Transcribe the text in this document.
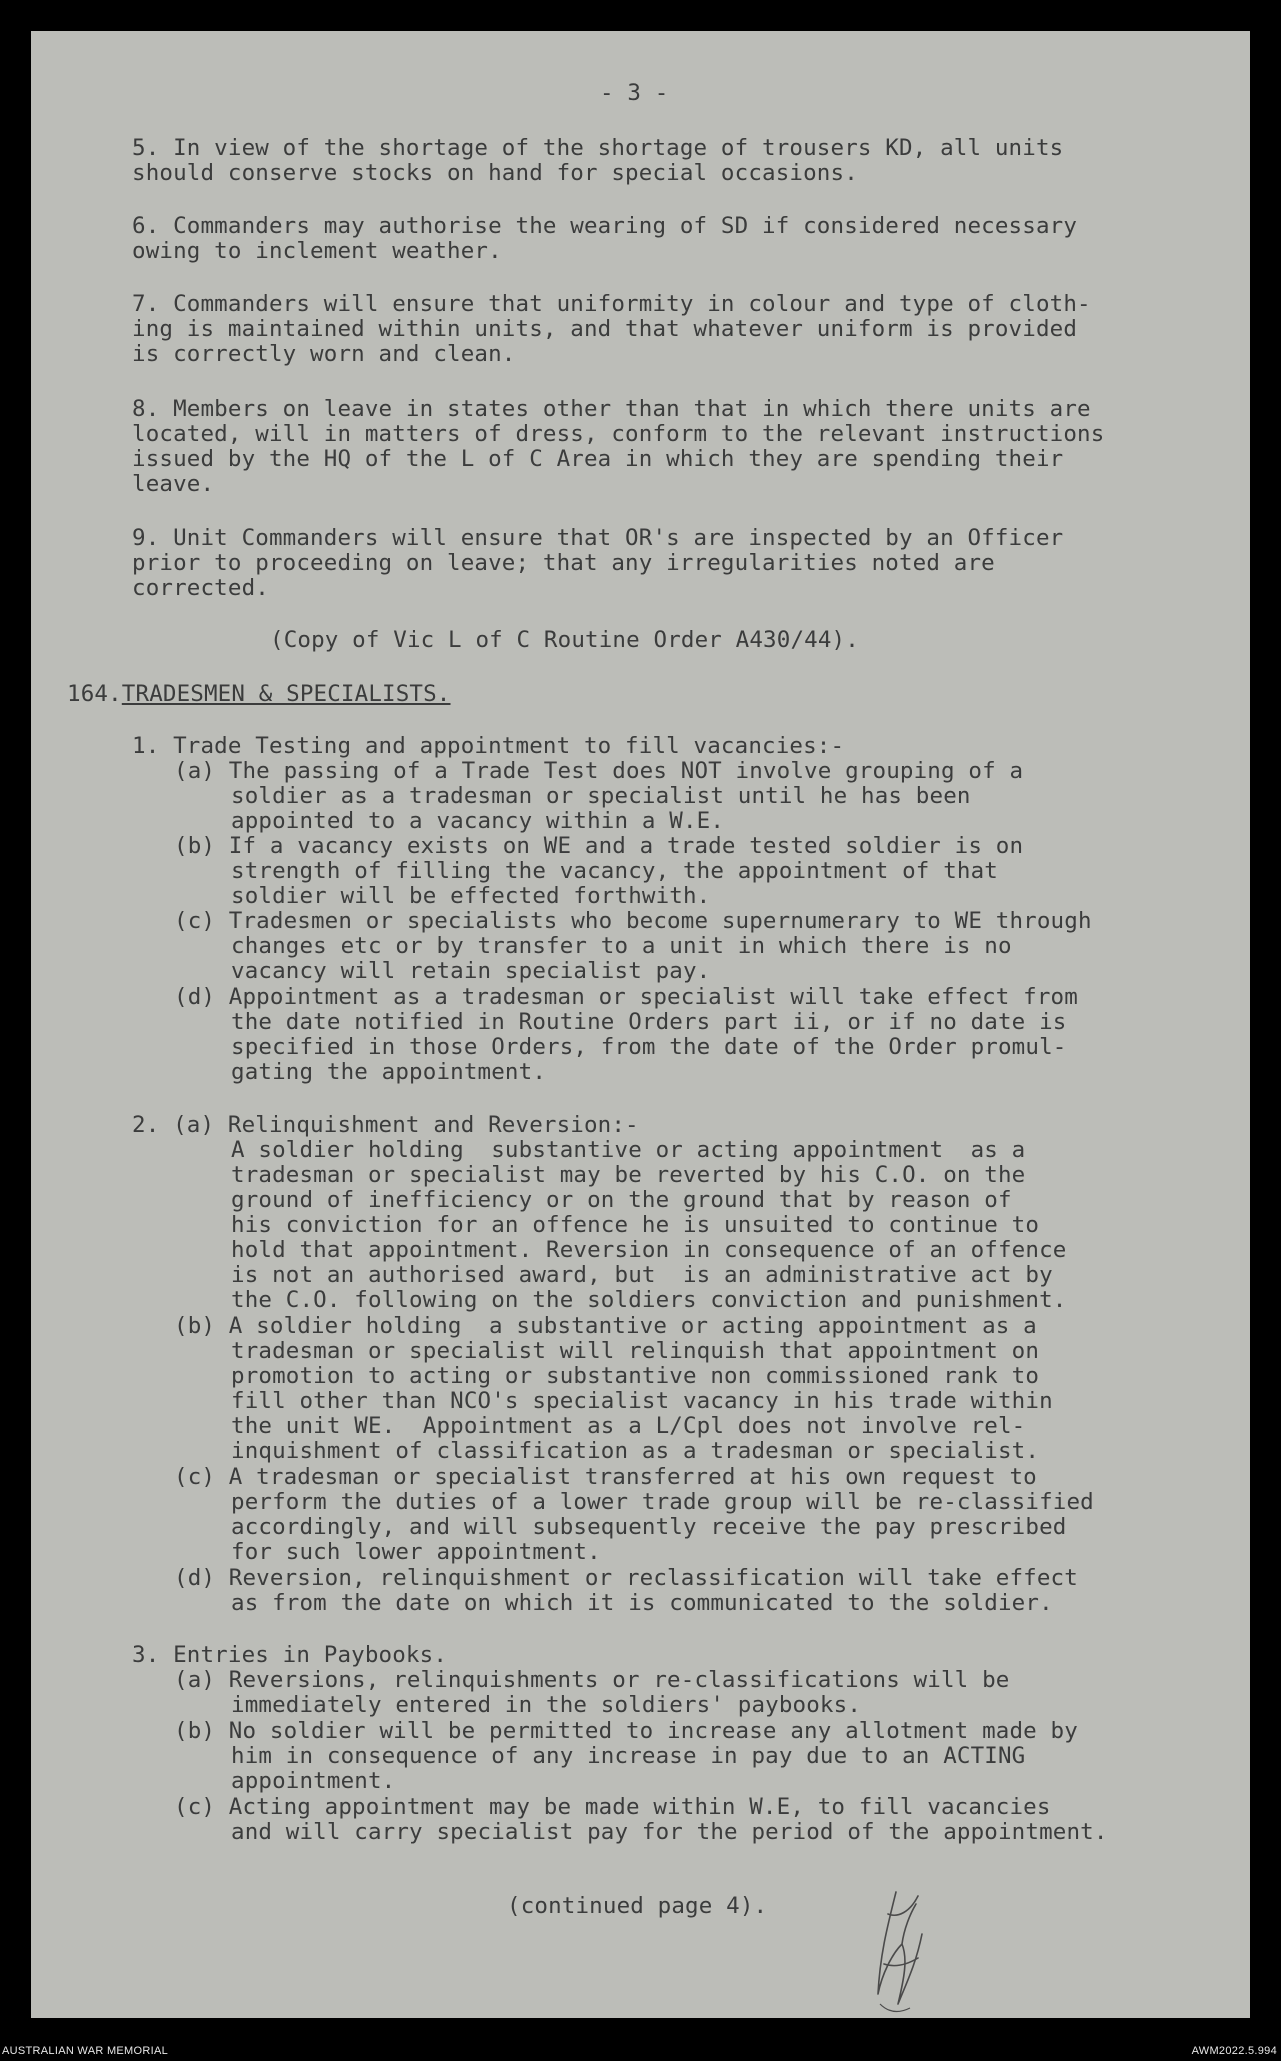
- 3 -
5. In view of the shortage of the shortage of trousers KD, all units
should conserve stocks on hand for special occasions.
6. Commanders may authorise the wearing of SD if considered necessary
owing to inclement weather.
7. Commanders will ensure that uniformity in colour and type of cloth-
ing is maintained within units, and that whatever uniform is provided
is correctly worn and clean.
8. Members on leave in states other than that in which there units are
located, will in matters of dress, conform to the relevant instructions
issued by the HQ of the L of C Area in which they are spending their
leave.
9. Unit Commanders will ensure that OR's are inspected by an Officer
prior to proceeding on leave; that any irregularities noted are
corrected.
(Copy of Vic L of C Routine Order A430/44).
164.TRADESMEN & SPECIALISTS.
1. Trade Testing and appointment to fill vacancies:-
(a) The passing of a Trade Test does NOT involve grouping of a
soldier as a tradesman or specialist until he has been
appointed to a vacancy within a W.E.
(b) If a vacancy exists on WE and a trade tested soldier is on
strength of filling the vacancy, the appointment of that
soldier will be effected forthwith.
(c) Tradesmen or specialists who become supernumerary to WE through
changes etc or by transfer to a unit in which there is no
vacancy will retain specialist pay.
(d) Appointment as a tradesman or specialist will take effect from
the date notified in Routine Orders part ii, or if no date is
specified in those Orders, from the date of the Order promul-
gating the appointment.
2. (a) Relinquishment and Reversion:-
A soldier holding  substantive or acting appointment  as a
tradesman or specialist may be reverted by his C.O. on the
ground of inefficiency or on the ground that by reason of
his conviction for an offence he is unsuited to continue to
hold that appointment. Reversion in consequence of an offence
is not an authorised award, but  is an administrative act by
the C.O. following on the soldiers conviction and punishment.
(b) A soldier holding  a substantive or acting appointment as a
tradesman or specialist will relinquish that appointment on
promotion to acting or substantive non commissioned rank to
fill other than NCO's specialist vacancy in his trade within
the unit WE.  Appointment as a L/Cpl does not involve rel-
inquishment of classification as a tradesman or specialist.
(c) A tradesman or specialist transferred at his own request to
perform the duties of a lower trade group will be re-classified
accordingly, and will subsequently receive the pay prescribed
for such lower appointment.
(d) Reversion, relinquishment or reclassification will take effect
as from the date on which it is communicated to the soldier.
3. Entries in Paybooks.
(a) Reversions, relinquishments or re-classifications will be
immediately entered in the soldiers' paybooks.
(b) No soldier will be permitted to increase any allotment made by
him in consequence of any increase in pay due to an ACTING
appointment.
(c) Acting appointment may be made within W.E, to fill vacancies
and will carry specialist pay for the period of the appointment.
(continued page 4).
AUSTRALIAN WAR MEMORIAL	AWM2022.5.994
